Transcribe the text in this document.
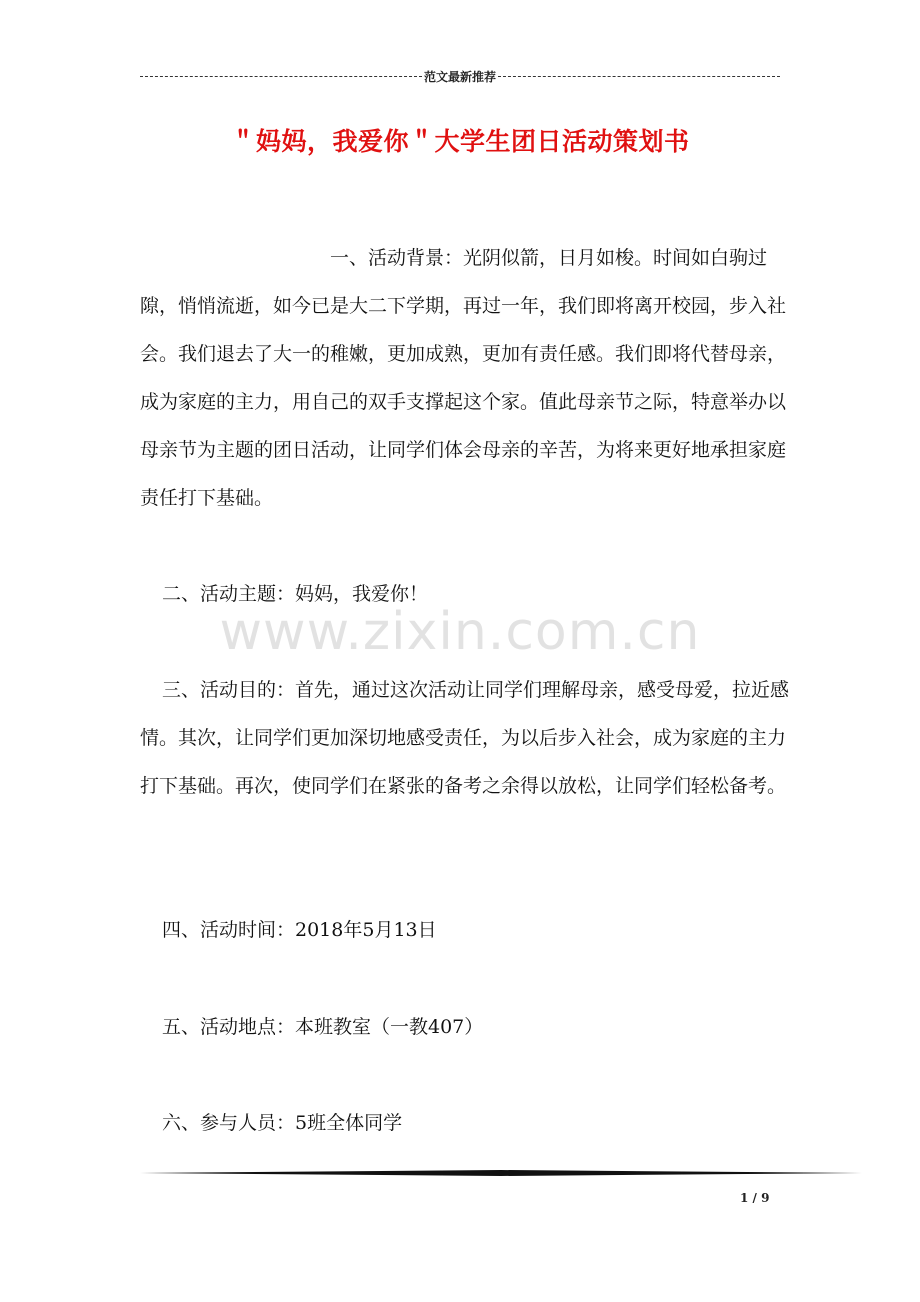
范文最新推荐
＂妈妈，我爱你＂大学生团日活动策划书

一、活动背景：光阴似箭，日月如梭。时间如白驹过隙，悄悄流逝，如今已是大二下学期，再过一年，我们即将离开校园，步入社会。我们退去了大一的稚嫩，更加成熟，更加有责任感。我们即将代替母亲，成为家庭的主力，用自己的双手支撑起这个家。值此母亲节之际，特意举办以母亲节为主题的团日活动，让同学们体会母亲的辛苦，为将来更好地承担家庭责任打下基础。

二、活动主题：妈妈，我爱你！

www.zixin.com.cn

三、活动目的：首先，通过这次活动让同学们理解母亲，感受母爱，拉近感情。其次，让同学们更加深切地感受责任，为以后步入社会，成为家庭的主力打下基础。再次，使同学们在紧张的备考之余得以放松，让同学们轻松备考。

四、活动时间：2018年5月13日

五、活动地点：本班教室（一教407）

六、参与人员：5班全体同学

1 / 9
